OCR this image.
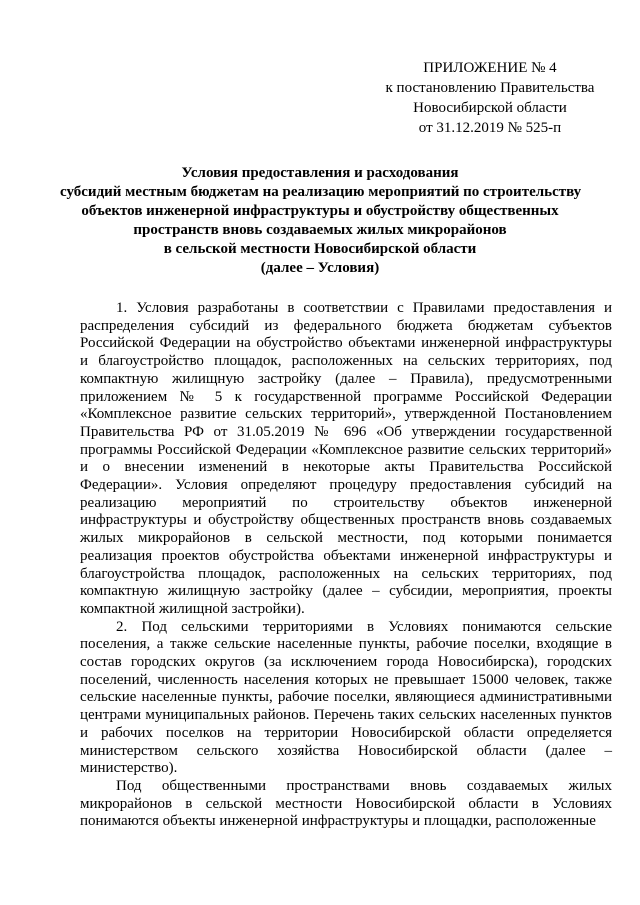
ПРИЛОЖЕНИЕ № 4
к постановлению Правительства
Новосибирской области
от 31.12.2019 № 525-п
Условия предоставления и расходования
субсидий местным бюджетам на реализацию мероприятий по строительству
объектов инженерной инфраструктуры и обустройству общественных
пространств вновь создаваемых жилых микрорайонов
в сельской местности Новосибирской области
(далее – Условия)

1. Условия разработаны в соответствии с Правилами предоставления и распределения субсидий из федерального бюджета бюджетам субъектов Российской Федерации на обустройство объектами инженерной инфраструктуры и благоустройство площадок, расположенных на сельских территориях, под компактную жилищную застройку (далее – Правила), предусмотренными приложением № 5 к государственной программе Российской Федерации «Комплексное развитие сельских территорий», утвержденной Постановлением Правительства РФ от 31.05.2019 № 696 «Об утверждении государственной программы Российской Федерации «Комплексное развитие сельских территорий» и о внесении изменений в некоторые акты Правительства Российской Федерации». Условия определяют процедуру предоставления субсидий на реализацию мероприятий по строительству объектов инженерной инфраструктуры и обустройству общественных пространств вновь создаваемых жилых микрорайонов в сельской местности, под которыми понимается реализация проектов обустройства объектами инженерной инфраструктуры и благоустройства площадок, расположенных на сельских территориях, под компактную жилищную застройку (далее – субсидии, мероприятия, проекты компактной жилищной застройки).

2. Под сельскими территориями в Условиях понимаются сельские поселения, а также сельские населенные пункты, рабочие поселки, входящие в состав городских округов (за исключением города Новосибирска), городских поселений, численность населения которых не превышает 15000 человек, также сельские населенные пункты, рабочие поселки, являющиеся административными центрами муниципальных районов. Перечень таких сельских населенных пунктов и рабочих поселков на территории Новосибирской области определяется министерством сельского хозяйства Новосибирской области (далее – министерство).

Под общественными пространствами вновь создаваемых жилых микрорайонов в сельской местности Новосибирской области в Условиях понимаются объекты инженерной инфраструктуры и площадки, расположенные
